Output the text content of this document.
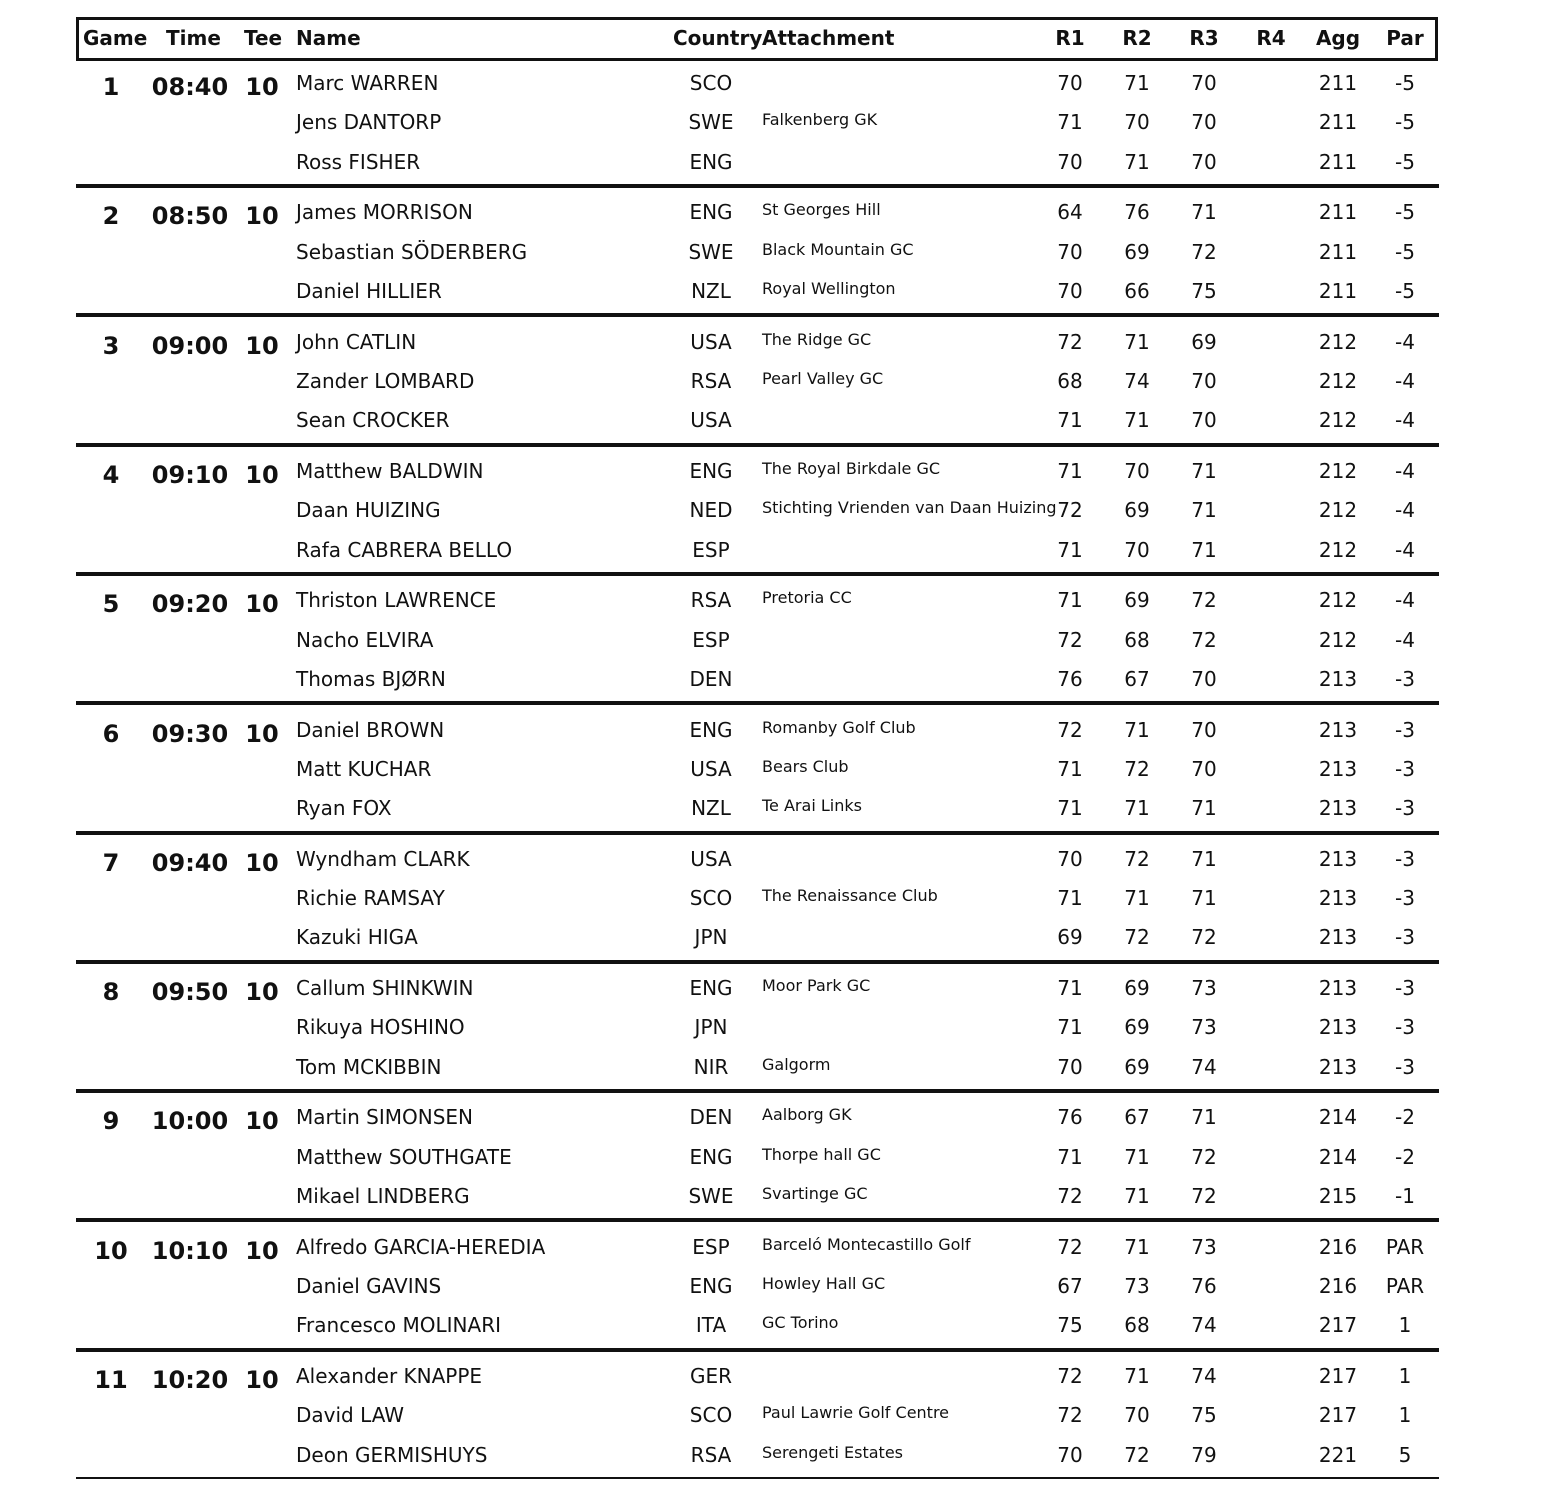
Game Time Tee Name	Country Attachment	R1 R2 R3 R4 Agg Par
1 08:40 10 Marc WARREN	SCO	70 71 70	211 -5
Jens DANTORP	SWE Falkenberg GK	71 70 70	211 -5
Ross FISHER	ENG	70 71 70	211 -5
2 08:50 10 James MORRISON	ENG St Georges Hill	64 76 71	211 -5
Sebastian SÖDERBERG	SWE Black Mountain GC	70 69 72	211 -5
Daniel HILLIER	NZL Royal Wellington	70 66 75	211 -5
3 09:00 10 John CATLIN	USA The Ridge GC	72 71 69	212 -4
Zander LOMBARD	RSA Pearl Valley GC	68 74 70	212 -4
Sean CROCKER	USA	71 71 70	212 -4
4 09:10 10 Matthew BALDWIN	ENG The Royal Birkdale GC	71 70 71	212 -4
Daan HUIZING	NED Stichting Vrienden van Daan Huizing 72 69 71	212 -4
Rafa CABRERA BELLO	ESP	71 70 71	212 -4
5 09:20 10 Thriston LAWRENCE	RSA Pretoria CC	71 69 72	212 -4
Nacho ELVIRA	ESP	72 68 72	212 -4
Thomas BJØRN	DEN	76 67 70	213 -3
6 09:30 10 Daniel BROWN	ENG Romanby Golf Club	72 71 70	213 -3
Matt KUCHAR	USA Bears Club	71 72 70	213 -3
Ryan FOX	NZL Te Arai Links	71 71 71	213 -3
7 09:40 10 Wyndham CLARK	USA	70 72 71	213 -3
Richie RAMSAY	SCO The Renaissance Club	71 71 71	213 -3
Kazuki HIGA	JPN	69 72 72	213 -3
8 09:50 10 Callum SHINKWIN	ENG Moor Park GC	71 69 73	213 -3
Rikuya HOSHINO	JPN	71 69 73	213 -3
Tom MCKIBBIN	NIR Galgorm	70 69 74	213 -3
9 10:00 10 Martin SIMONSEN	DEN Aalborg GK	76 67 71	214 -2
Matthew SOUTHGATE	ENG Thorpe hall GC	71 71 72	214 -2
Mikael LINDBERG	SWE Svartinge GC	72 71 72	215 -1
10 10:10 10 Alfredo GARCIA-HEREDIA	ESP Barceló Montecastillo Golf	72 71 73	216 PAR
Daniel GAVINS	ENG Howley Hall GC	67 73 76	216 PAR
Francesco MOLINARI	ITA GC Torino	75 68 74	217 1
11 10:20 10 Alexander KNAPPE	GER	72 71 74	217 1
David LAW	SCO Paul Lawrie Golf Centre	72 70 75	217 1
Deon GERMISHUYS	RSA Serengeti Estates	70 72 79	221 5
